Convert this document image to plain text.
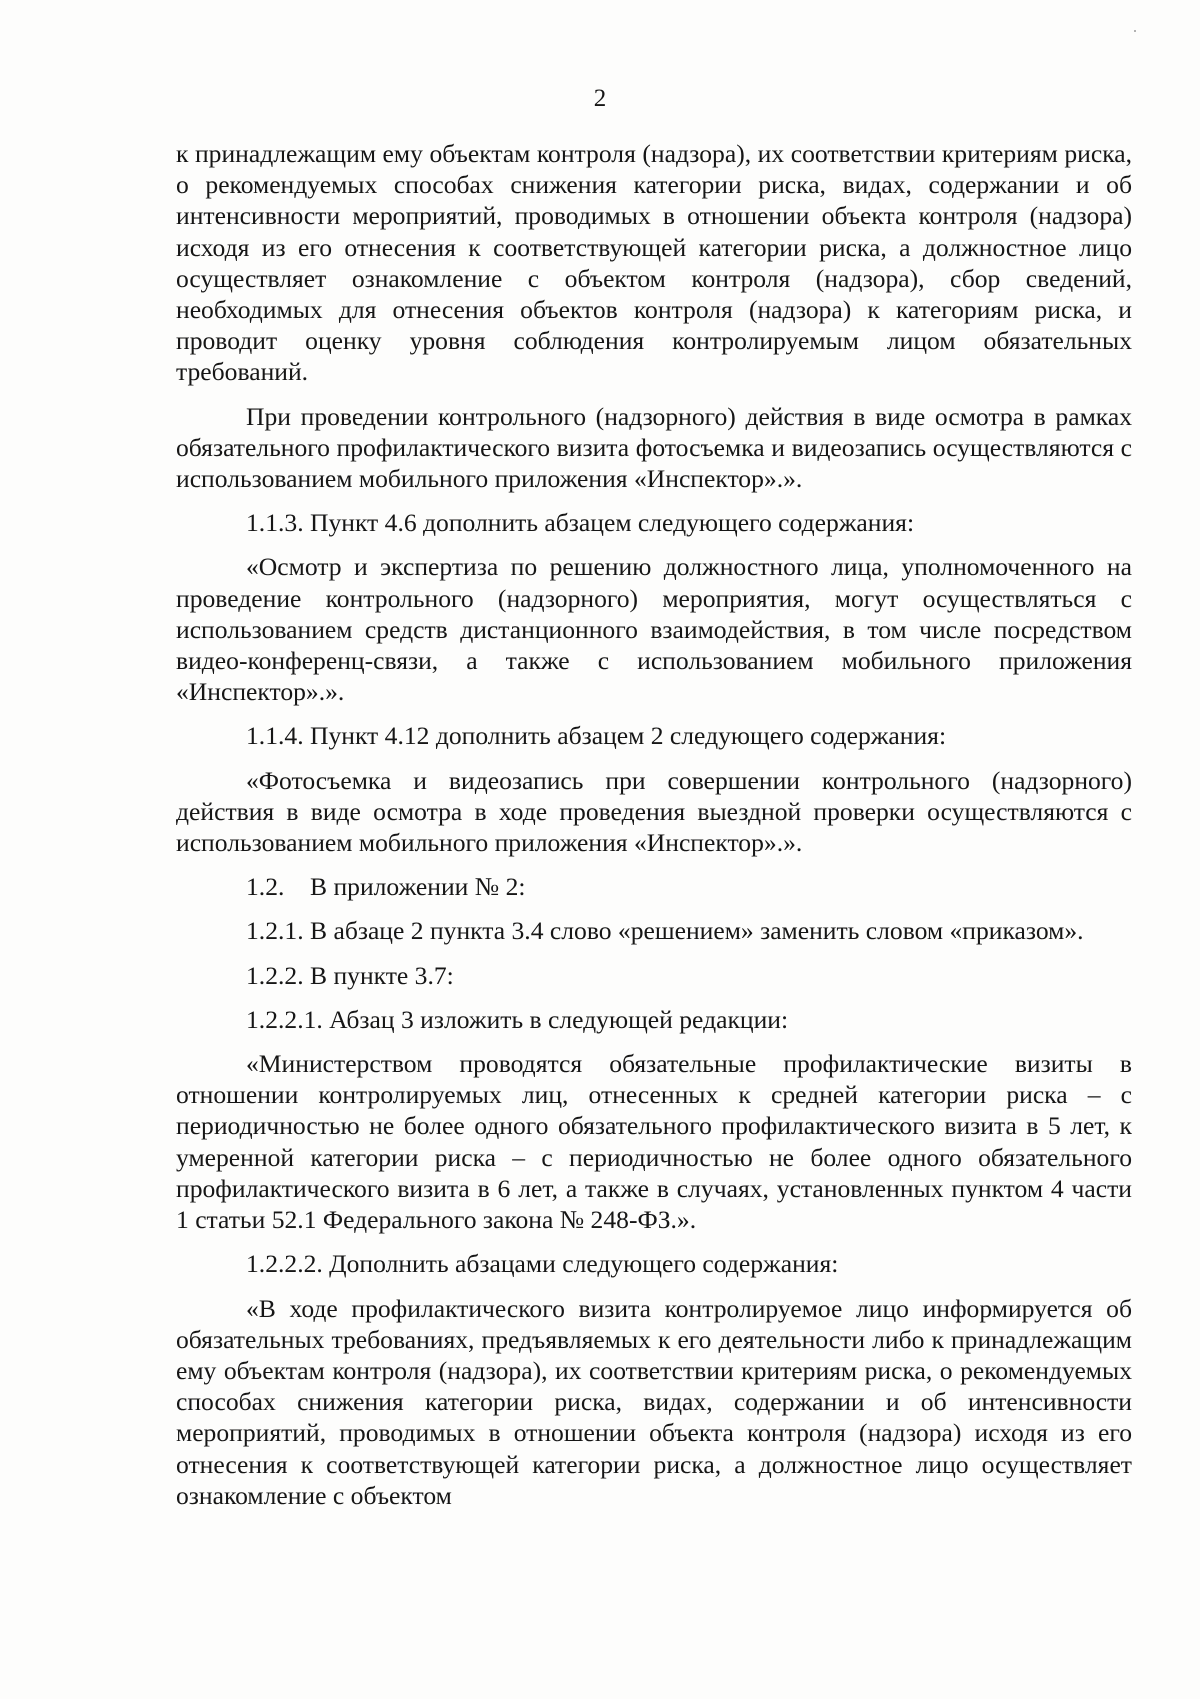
2

к принадлежащим ему объектам контроля (надзора), их соответствии критериям риска, о рекомендуемых способах снижения категории риска, видах, содержании и об интенсивности мероприятий, проводимых в отношении объекта контроля (надзора) исходя из его отнесения к соответствующей категории риска, а должностное лицо осуществляет ознакомление с объектом контроля (надзора), сбор сведений, необходимых для отнесения объектов контроля (надзора) к категориям риска, и проводит оценку уровня соблюдения контролируемым лицом обязательных требований.

При проведении контрольного (надзорного) действия в виде осмотра в рамках обязательного профилактического визита фотосъемка и видеозапись осуществляются с использованием мобильного приложения «Инспектор».».

1.1.3. Пункт 4.6 дополнить абзацем следующего содержания:

«Осмотр и экспертиза по решению должностного лица, уполномоченного на проведение контрольного (надзорного) мероприятия, могут осуществляться с использованием средств дистанционного взаимодействия, в том числе посредством видео-конференц-связи, а также с использованием мобильного приложения «Инспектор».».

1.1.4. Пункт 4.12 дополнить абзацем 2 следующего содержания:

«Фотосъемка и видеозапись при совершении контрольного (надзорного) действия в виде осмотра в ходе проведения выездной проверки осуществляются с использованием мобильного приложения «Инспектор».».

1.2.    В приложении № 2:

1.2.1. В абзаце 2 пункта 3.4 слово «решением» заменить словом «приказом».

1.2.2. В пункте 3.7:

1.2.2.1. Абзац 3 изложить в следующей редакции:

«Министерством проводятся обязательные профилактические визиты в отношении контролируемых лиц, отнесенных к средней категории риска – с периодичностью не более одного обязательного профилактического визита в 5 лет, к умеренной категории риска – с периодичностью не более одного обязательного профилактического визита в 6 лет, а также в случаях, установленных пунктом 4 части 1 статьи 52.1 Федерального закона № 248-ФЗ.».

1.2.2.2. Дополнить абзацами следующего содержания:

«В ходе профилактического визита контролируемое лицо информируется об обязательных требованиях, предъявляемых к его деятельности либо к принадлежащим ему объектам контроля (надзора), их соответствии критериям риска, о рекомендуемых способах снижения категории риска, видах, содержании и об интенсивности мероприятий, проводимых в отношении объекта контроля (надзора) исходя из его отнесения к соответствующей категории риска, а должностное лицо осуществляет ознакомление с объектом
